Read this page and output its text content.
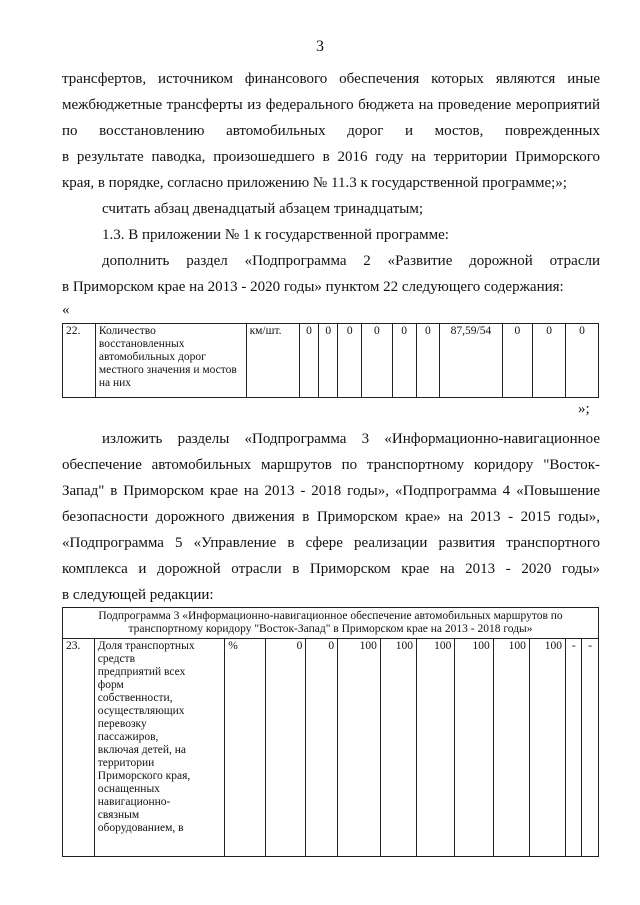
3
трансфертов, источником финансового обеспечения которых являются иные
межбюджетные трансферты из федерального бюджета на проведение мероприятий
по восстановлению автомобильных дорог и мостов, поврежденных
в результате паводка, произошедшего в 2016 году на территории Приморского
края, в порядке, согласно приложению № 11.3 к государственной программе;»;
считать абзац двенадцатый абзацем тринадцатым;
1.3. В приложении № 1 к государственной программе:
дополнить раздел «Подпрограмма 2 «Развитие дорожной отрасли
в Приморском крае на 2013 - 2020 годы» пунктом 22 следующего содержания:
«
22.	Количество восстановленных автомобильных дорог местного значения и мостов на них	км/шт.	0	0	0	0	0	0	87,59/54	0	0	0
»;
изложить разделы «Подпрограмма 3 «Информационно-навигационное
обеспечение автомобильных маршрутов по транспортному коридору "Восток-
Запад" в Приморском крае на 2013 - 2018 годы», «Подпрограмма 4 «Повышение
безопасности дорожного движения в Приморском крае» на 2013 - 2015 годы»,
«Подпрограмма 5 «Управление в сфере реализации развития транспортного
комплекса и дорожной отрасли в Приморском крае на 2013 - 2020 годы»
в следующей редакции:
Подпрограмма 3 «Информационно-навигационное обеспечение автомобильных маршрутов по
транспортному коридору "Восток-Запад" в Приморском крае на 2013 - 2018 годы»

23.	Доля транспортных
средств
предприятий всех
форм
собственности,
осуществляющих
перевозку
пассажиров,
включая детей, на
территории
Приморского края,
оснащенных
навигационно-
связным
оборудованием, в
	%	0	0	100	100	100	100	100	100	-	-
